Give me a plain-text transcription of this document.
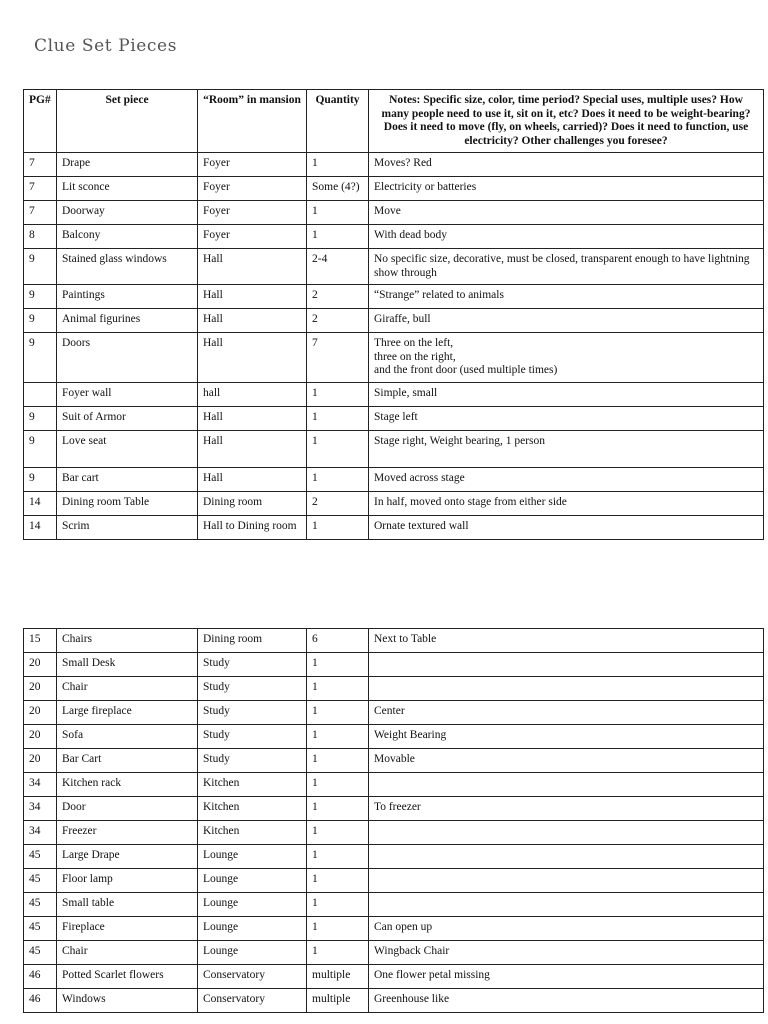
Clue Set Pieces
PG#	Set piece	“Room” in mansion	Quantity	Notes: Specific size, color, time period? Special uses, multiple uses? How many people need to use it, sit on it, etc? Does it need to be weight-bearing? Does it need to move (fly, on wheels, carried)? Does it need to function, use electricity? Other challenges you foresee?
7	Drape	Foyer	1	Moves? Red
7	Lit sconce	Foyer	Some (4?)	Electricity or batteries
7	Doorway	Foyer	1	Move
8	Balcony	Foyer	1	With dead body
9	Stained glass windows	Hall	2-4	No specific size, decorative, must be closed, transparent enough to have lightning show through
9	Paintings	Hall	2	“Strange” related to animals
9	Animal figurines	Hall	2	Giraffe, bull
9	Doors	Hall	7	Three on the left,
three on the right,
and the front door (used multiple times)
	Foyer wall	hall	1	Simple, small
9	Suit of Armor	Hall	1	Stage left
9	Love seat	Hall	1	Stage right, Weight bearing, 1 person
9	Bar cart	Hall	1	Moved across stage
14	Dining room Table	Dining room	2	In half, moved onto stage from either side
14	Scrim	Hall to Dining room	1	Ornate textured wall
15	Chairs	Dining room	6	Next to Table
20	Small Desk	Study	1	
20	Chair	Study	1	
20	Large fireplace	Study	1	Center
20	Sofa	Study	1	Weight Bearing
20	Bar Cart	Study	1	Movable
34	Kitchen rack	Kitchen	1	
34	Door	Kitchen	1	To freezer
34	Freezer	Kitchen	1	
45	Large Drape	Lounge	1	
45	Floor lamp	Lounge	1	
45	Small table	Lounge	1	
45	Fireplace	Lounge	1	Can open up
45	Chair	Lounge	1	Wingback Chair
46	Potted Scarlet flowers	Conservatory	multiple	One flower petal missing
46	Windows	Conservatory	multiple	Greenhouse like
